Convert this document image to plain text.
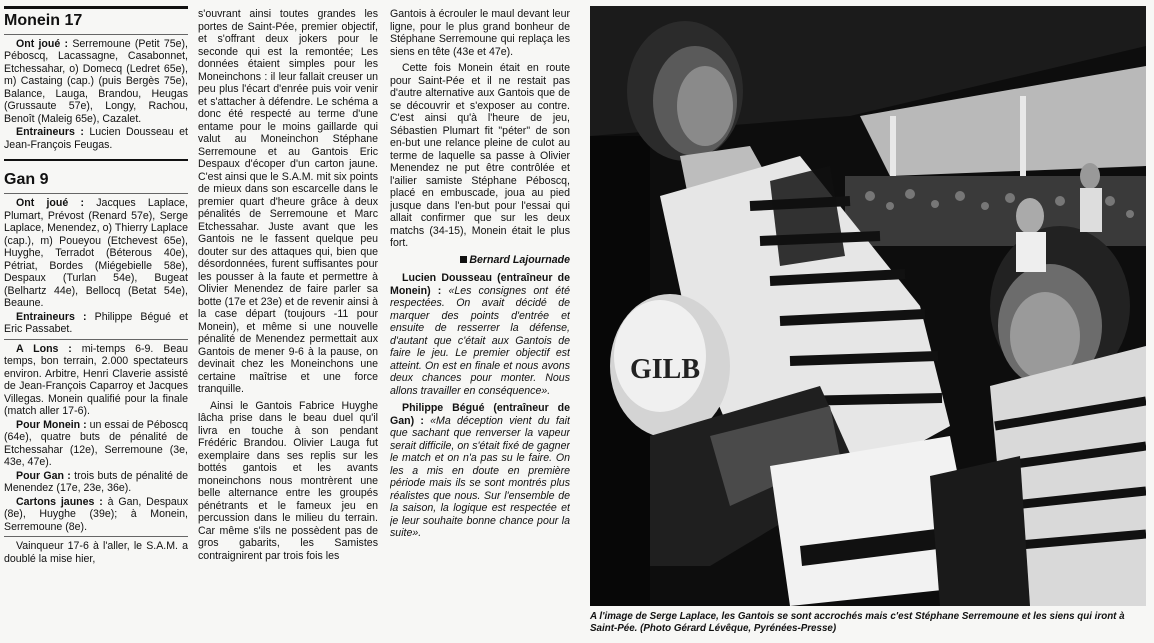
Monein 17

Ont joué : Serremoune (Petit 75e), Péboscq, Lacassagne, Casabonnet, Etchessahar, o) Domecq (Ledret 65e), m) Castaing (cap.) (puis Bergès 75e), Balance, Lauga, Brandou, Heugas (Grussaute 57e), Longy, Rachou, Benoît (Maleig 65e), Cazalet.

Entraineurs : Lucien Dousseau et Jean-François Feugas.

Gan 9

Ont joué : Jacques Laplace, Plumart, Prévost (Renard 57e), Serge Laplace, Menendez, o) Thierry Laplace (cap.), m) Poueyou (Etchevest 65e), Huyghe, Terradot (Béterous 40e), Pétriat, Bordes (Miégebielle 58e), Despaux (Turlan 54e), Bugeat (Belhartz 44e), Bellocq (Betat 54e), Beaune.

Entraineurs : Philippe Bégué et Eric Passabet.

A Lons : mi-temps 6-9. Beau temps, bon terrain, 2.000 spectateurs environ. Arbitre, Henri Claverie assisté de Jean-François Caparroy et Jacques Villegas. Monein qualifié pour la finale (match aller 17-6).

Pour Monein : un essai de Péboscq (64e), quatre buts de pénalité de Etchessahar (12e), Serremoune (3e, 43e, 47e).

Pour Gan : trois buts de pénalité de Menendez (17e, 23e, 36e).

Cartons jaunes : à Gan, Despaux (8e), Huyghe (39e); à Monein, Serremoune (8e).

Vainqueur 17-6 à l'aller, le S.A.M. a doublé la mise hier,

s'ouvrant ainsi toutes grandes les portes de Saint-Pée, premier objectif, et s'offrant deux jokers pour le seconde qui est la remontée; Les données étaient simples pour les Moneinchons : il leur fallait creuser un peu plus l'écart d'enrée puis voir venir et s'attacher à défendre. Le schéma a donc été respecté au terme d'une entame pour le moins gaillarde qui valut au Moneinchon Stéphane Serremoune et au Gantois Eric Despaux d'écoper d'un carton jaune. C'est ainsi que le S.A.M. mit six points de mieux dans son escarcelle dans le premier quart d'heure grâce à deux pénalités de Serremoune et Marc Etchessahar. Juste avant que les Gantois ne le fassent quelque peu douter sur des attaques qui, bien que désordonnées, furent suffisantes pour les pousser à la faute et permettre à Olivier Menendez de faire parler sa botte (17e et 23e) et de revenir ainsi à la case départ (toujours -11 pour Monein), et même si une nouvelle pénalité de Menendez permettait aux Gantois de mener 9-6 à la pause, on devinait chez les Moneinchons une certaine maîtrise et une force tranquille.

Ainsi le Gantois Fabrice Huyghe lâcha prise dans le beau duel qu'il livra en touche à son pendant Frédéric Brandou. Olivier Lauga fut exemplaire dans ses replis sur les bottés gantois et les avants moneinchons nous montrèrent une belle alternance entre les groupés pénétrants et le fameux jeu en percussion dans le milieu du terrain. Car même s'ils ne possèdent pas de gros gabarits, les Samistes contraignirent par trois fois les

Gantois à écrouler le maul devant leur ligne, pour le plus grand bonheur de Stéphane Serremoune qui replaça les siens en tête (43e et 47e).

Cette fois Monein était en route pour Saint-Pée et il ne restait pas d'autre alternative aux Gantois que de se découvrir et s'exposer au contre. C'est ainsi qu'à l'heure de jeu, Sébastien Plumart fit "péter" de son en-but une relance pleine de culot au terme de laquelle sa passe à Olivier Menendez ne put être contrôlée et l'ailier samiste Stéphane Péboscq, placé en embuscade, joua au pied jusque dans l'en-but pour l'essai qui allait confirmer que sur les deux matchs (34-15), Monein était le plus fort.

Bernard Lajournade

Lucien Dousseau (entraîneur de Monein) : «Les consignes ont été respectées. On avait décidé de marquer des points d'entrée et ensuite de resserrer la défense, d'autant que c'était aux Gantois de faire le jeu. Le premier objectif est atteint. On est en finale et nous avons deux chances pour monter. Nous allons travailler en conséquence».

Philippe Bégué (entraîneur de Gan) : «Ma déception vient du fait que sachant que renverser la vapeur serait difficile, on s'était fixé de gagner le match et on n'a pas su le faire. On les a mis en doute en première période mais ils se sont montrés plus réalistes que nous. Sur l'ensemble de la saison, la logique est respectée et je leur souhaite bonne chance pour la suite».

GILB
A l'image de Serge Laplace, les Gantois se sont accrochés mais c'est Stéphane Serremoune et les siens qui iront à Saint-Pée. (Photo Gérard Lévêque, Pyrénées-Presse)
